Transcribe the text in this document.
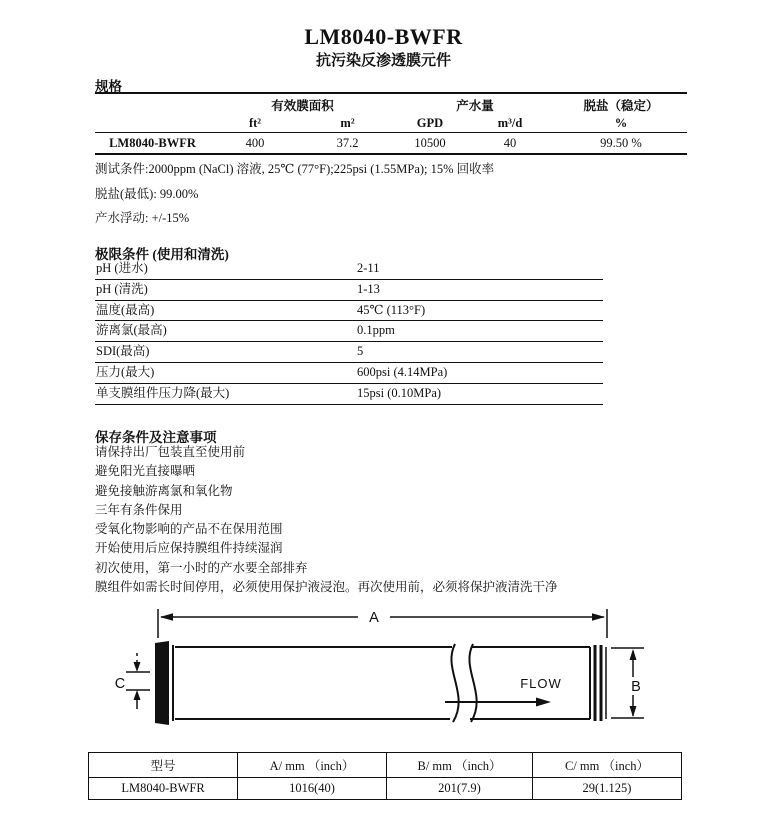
LM8040-BWFR
抗污染反渗透膜元件
规格
有效膜面积	产水量	脱盐（稳定）
ft²	m²	GPD	m³/d	%
LM8040-BWFR	400	37.2	10500	40	99.50 %
测试条件:2000ppm (NaCl) 溶液, 25℃ (77°F);225psi (1.55MPa); 15% 回收率
脱盐(最低): 99.00%
产水浮动: +/-15%
极限条件 (使用和清洗)
pH (进水)	2-11
pH (清洗)	1-13
温度(最高)	45℃ (113°F)
游离氯(最高)	0.1ppm
SDI(最高)	5
压力(最大)	600psi (4.14MPa)
单支膜组件压力降(最大)	15psi (0.10MPa)
保存条件及注意事项
请保持出厂包装直至使用前
避免阳光直接曝晒
避免接触游离氯和氧化物
三年有条件保用
受氧化物影响的产品不在保用范围
开始使用后应保持膜组件持续湿润
初次使用，第一小时的产水要全部排弃
膜组件如需长时间停用，必须使用保护液浸泡。再次使用前，必须将保护液清洗干净
A
C	B
FLOW
型号	A/ mm （inch）	B/ mm （inch）	C/ mm （inch）
LM8040-BWFR	1016(40)	201(7.9)	29(1.125)
